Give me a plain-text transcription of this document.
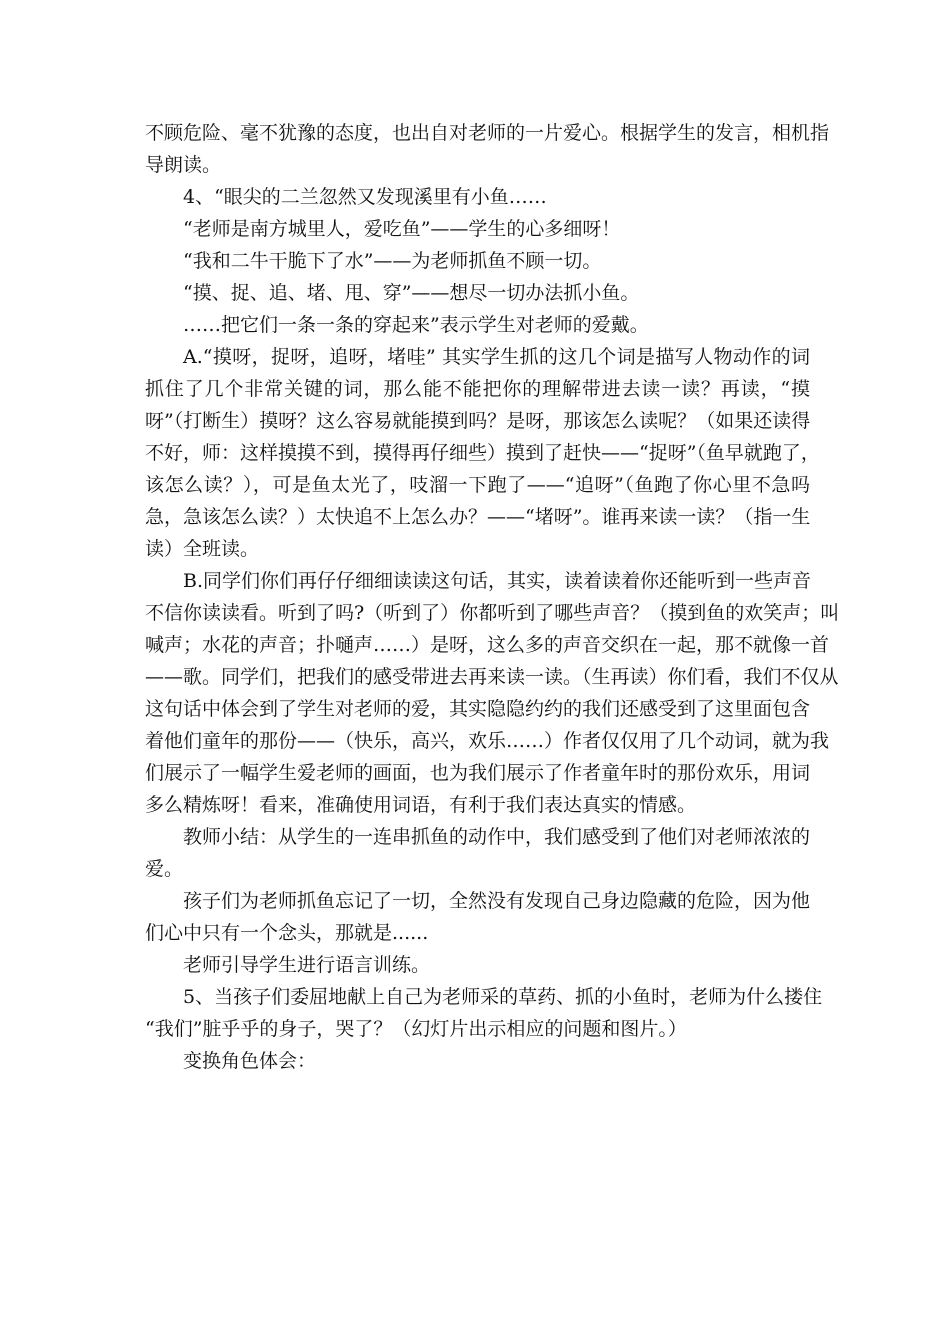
不顾危险、毫不犹豫的态度，也出自对老师的一片爱心。根据学生的发言，相机指
导朗读。
4、“眼尖的二兰忽然又发现溪里有小鱼……
“老师是南方城里人，爱吃鱼”——学生的心多细呀！
“我和二牛干脆下了水”——为老师抓鱼不顾一切。
“摸、捉、追、堵、甩、穿”——想尽一切办法抓小鱼。
……把它们一条一条的穿起来”表示学生对老师的爱戴。
A.“摸呀，捉呀，追呀，堵哇” 其实学生抓的这几个词是描写人物动作的词
抓住了几个非常关键的词，那么能不能把你的理解带进去读一读？再读，“摸
呀”（打断生）摸呀？这么容易就能摸到吗？是呀，那该怎么读呢？（如果还读得
不好，师：这样摸摸不到，摸得再仔细些）摸到了赶快——“捉呀”（鱼早就跑了，
该怎么读？），可是鱼太光了，吱溜一下跑了——“追呀”（鱼跑了你心里不急吗
急，急该怎么读？）太快追不上怎么办？——“堵呀”。谁再来读一读？（指一生
读）全班读。
B.同学们你们再仔仔细细读读这句话，其实，读着读着你还能听到一些声音
不信你读读看。听到了吗?（听到了）你都听到了哪些声音？（摸到鱼的欢笑声；叫
喊声；水花的声音；扑嗵声……）是呀，这么多的声音交织在一起，那不就像一首
——歌。同学们，把我们的感受带进去再来读一读。（生再读）你们看，我们不仅从
这句话中体会到了学生对老师的爱，其实隐隐约约的我们还感受到了这里面包含
着他们童年的那份——（快乐，高兴，欢乐……）作者仅仅用了几个动词，就为我
们展示了一幅学生爱老师的画面，也为我们展示了作者童年时的那份欢乐，用词
多么精炼呀！看来，准确使用词语，有利于我们表达真实的情感。
教师小结：从学生的一连串抓鱼的动作中，我们感受到了他们对老师浓浓的
爱。
孩子们为老师抓鱼忘记了一切，全然没有发现自己身边隐藏的危险，因为他
们心中只有一个念头，那就是......
老师引导学生进行语言训练。
5、当孩子们委屈地献上自己为老师采的草药、抓的小鱼时，老师为什么搂住
“我们”脏乎乎的身子，哭了？（幻灯片出示相应的问题和图片。）
变换角色体会：
